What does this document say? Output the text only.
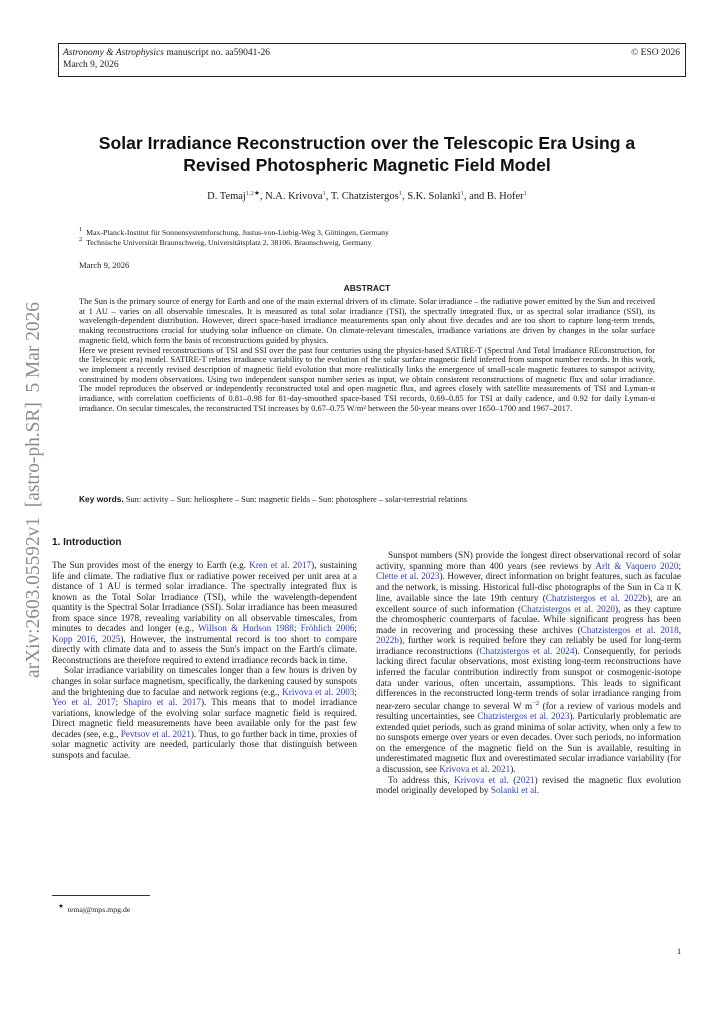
Astronomy & Astrophysics manuscript no. aa59041-26
March 9, 2026
© ESO 2026
arXiv:2603.05592v1  [astro-ph.SR]  5 Mar 2026
Solar Irradiance Reconstruction over the Telescopic Era Using a
Revised Photospheric Magnetic Field Model
D. Temaj$^{1,2★}$, N.A. Krivova$^1$, T. Chatzistergos$^1$, S.K. Solanki$^1$, and B. Hofer$^1$
$^1$ Max-Planck-Institut für Sonnensystemforschung, Justus-von-Liebig-Weg 3, Göttingen, Germany
$^2$ Technische Universität Braunschweig, Universitätsplatz 2, 38106, Braunschweig, Germany
March 9, 2026
ABSTRACT

The Sun is the primary source of energy for Earth and one of the main external drivers of its climate. Solar irradiance – the radiative power emitted by the Sun and received at 1 AU – varies on all observable timescales. It is measured as total solar irradiance (TSI), the spectrally integrated flux, or as spectral solar irradiance (SSI), its wavelength-dependent distribution. However, direct space-based irradiance measurements span only about five decades and are too short to capture long-term trends, making reconstructions crucial for studying solar influence on climate. On climate-relevant timescales, irradiance variations are driven by changes in the solar surface magnetic field, which form the basis of reconstructions guided by physics.

Here we present revised reconstructions of TSI and SSI over the past four centuries using the physics-based SATIRE-T (Spectral And Total Irradiance REconstruction, for the Telescopic era) model. SATIRE-T relates irradiance variability to the evolution of the solar surface magnetic field inferred from sunspot number records. In this work, we implement a recently revised description of magnetic field evolution that more realistically links the emergence of small-scale magnetic features to sunspot activity, constrained by modern observations. Using two independent sunspot number series as input, we obtain consistent reconstructions of magnetic flux and solar irradiance. The model reproduces the observed or independently reconstructed total and open magnetic flux, and agrees closely with satellite measurements of TSI and Lyman-α irradiance, with correlation coefficients of 0.81–0.98 for 81-day-smoothed space-based TSI records, 0.69–0.85 for TSI at daily cadence, and 0.92 for daily Lyman-α irradiance. On secular timescales, the reconstructed TSI increases by 0.67–0.75 W/m² between the 50-year means over 1650–1700 and 1967–2017.

Key words. Sun: activity – Sun: heliosphere – Sun: magnetic fields – Sun: photosphere – solar-terrestrial relations
1. Introduction

The Sun provides most of the energy to Earth (e.g. Kren et al. 2017), sustaining life and climate. The radiative flux or radiative power received per unit area at a distance of 1 AU is termed solar irradiance. The spectrally integrated flux is known as the Total Solar Irradiance (TSI), while the wavelength-dependent quantity is the Spectral Solar Irradiance (SSI). Solar irradiance has been measured from space since 1978, revealing variability on all observable timescales, from minutes to decades and longer (e.g., Willson & Hudson 1988; Fröhlich 2006; Kopp 2016, 2025). However, the instrumental record is too short to compare directly with climate data and to assess the Sun's impact on the Earth's climate. Reconstructions are therefore required to extend irradiance records back in time.

Solar irradiance variability on timescales longer than a few hours is driven by changes in solar surface magnetism, specifically, the darkening caused by sunspots and the brightening due to faculae and network regions (e.g., Krivova et al. 2003; Yeo et al. 2017; Shapiro et al. 2017). This means that to model irradiance variations, knowledge of the evolving solar surface magnetic field is required. Direct magnetic field measurements have been available only for the past few decades (see, e.g., Pevtsov et al. 2021). Thus, to go further back in time, proxies of solar magnetic activity are needed, particularly those that distinguish between sunspots and faculae.

Sunspot numbers (SN) provide the longest direct observational record of solar activity, spanning more than 400 years (see reviews by Arlt & Vaquero 2020; Clette et al. 2023). However, direct information on bright features, such as faculae and the network, is missing. Historical full-disc photographs of the Sun in Ca II K line, available since the late 19th century (Chatzistergos et al. 2022b), are an excellent source of such information (Chatzistergos et al. 2020), as they capture the chromospheric counterparts of faculae. While significant progress has been made in recovering and processing these archives (Chatzistergos et al. 2018, 2022b), further work is required before they can reliably be used for long-term irradiance reconstructions (Chatzistergos et al. 2024). Consequently, for periods lacking direct facular observations, most existing long-term reconstructions have inferred the facular contribution indirectly from sunspot or cosmogenic-isotope data under various, often uncertain, assumptions. This leads to significant differences in the reconstructed long-term trends of solar irradiance ranging from near-zero secular change to several W $m^{-2}$ (for a review of various models and resulting uncertainties, see Chatzistergos et al. 2023). Particularly problematic are extended quiet periods, such as grand minima of solar activity, when only a few to no sunspots emerge over years or even decades. Over such periods, no information on the emergence of the magnetic field on the Sun is available, resulting in underestimated magnetic flux and overestimated secular irradiance variability (for a discussion, see Krivova et al. 2021).

To address this, Krivova et al. (2021) revised the magnetic flux evolution model originally developed by Solanki et al.

★ temaj@mps.mpg.de
1
